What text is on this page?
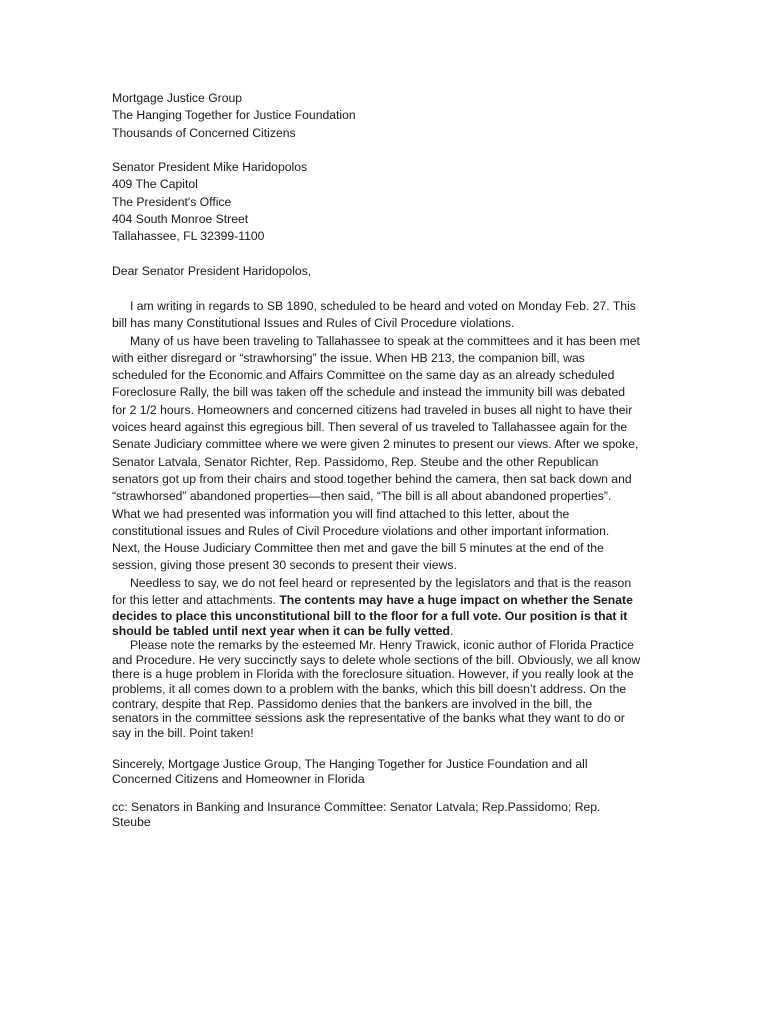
Mortgage Justice Group
The Hanging Together for Justice Foundation
Thousands of Concerned Citizens
Senator President Mike Haridopolos
409 The Capitol
The President's Office
404 South Monroe Street
Tallahassee, FL 32399-1100
Dear Senator President Haridopolos,
I am writing in regards to SB 1890, scheduled to be heard and voted on Monday Feb. 27. This
bill has many Constitutional Issues and Rules of Civil Procedure violations.
Many of us have been traveling to Tallahassee to speak at the committees and it has been met
with either disregard or “strawhorsing” the issue. When HB 213, the companion bill, was
scheduled for the Economic and Affairs Committee on the same day as an already scheduled
Foreclosure Rally, the bill was taken off the schedule and instead the immunity bill was debated
for 2 1/2 hours. Homeowners and concerned citizens had traveled in buses all night to have their
voices heard against this egregious bill. Then several of us traveled to Tallahassee again for the
Senate Judiciary committee where we were given 2 minutes to present our views. After we spoke,
Senator Latvala, Senator Richter, Rep. Passidomo, Rep. Steube and the other Republican
senators got up from their chairs and stood together behind the camera, then sat back down and
“strawhorsed” abandoned properties—then said, “The bill is all about abandoned properties”.
What we had presented was information you will find attached to this letter, about the
constitutional issues and Rules of Civil Procedure violations and other important information.
Next, the House Judiciary Committee then met and gave the bill 5 minutes at the end of the
session, giving those present 30 seconds to present their views.
Needless to say, we do not feel heard or represented by the legislators and that is the reason
for this letter and attachments. The contents may have a huge impact on whether the Senate
decides to place this unconstitutional bill to the floor for a full vote. Our position is that it
should be tabled until next year when it can be fully vetted.
Please note the remarks by the esteemed Mr. Henry Trawick, iconic author of Florida Practice
and Procedure. He very succinctly says to delete whole sections of the bill. Obviously, we all know
there is a huge problem in Florida with the foreclosure situation. However, if you really look at the
problems, it all comes down to a problem with the banks, which this bill doesn’t address. On the
contrary, despite that Rep. Passidomo denies that the bankers are involved in the bill, the
senators in the committee sessions ask the representative of the banks what they want to do or
say in the bill. Point taken!
Sincerely, Mortgage Justice Group, The Hanging Together for Justice Foundation and all
Concerned Citizens and Homeowner in Florida
cc: Senators in Banking and Insurance Committee: Senator Latvala; Rep.Passidomo; Rep.
Steube
